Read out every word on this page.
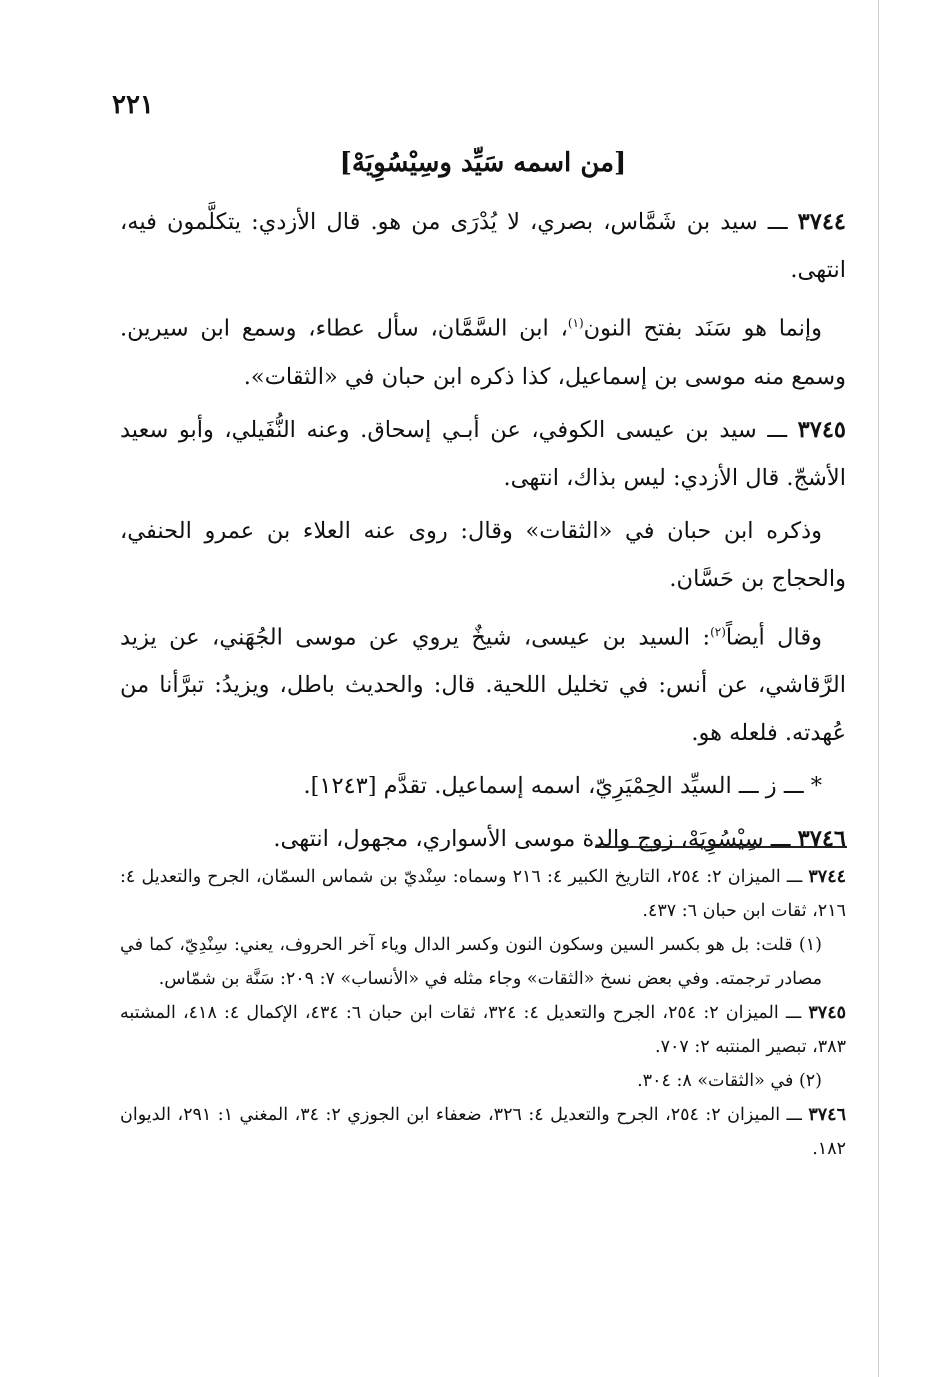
٢٢١
[من اسمه سَيِّد وسِيْسُوِيَهْ]

٣٧٤٤ ـــ سيد بن شَمَّاس، بصري، لا يُدْرَى من هو. قال الأزدي: يتكلَّمون فيه، انتهى.

وإنما هو سَنَد بفتح النون$^{(١)}$، ابن السَّمَّان، سأل عطاء، وسمع ابن سيرين. وسمع منه موسى بن إسماعيل، كذا ذكره ابن حبان في «الثقات».

٣٧٤٥ ـــ سيد بن عيسى الكوفي، عن أبـي إسحاق. وعنه النُّفَيلي، وأبو سعيد الأشجّ. قال الأزدي: ليس بذاك، انتهى.

وذكره ابن حبان في «الثقات» وقال: روى عنه العلاء بن عمرو الحنفي، والحجاج بن حَسَّان.

وقال أيضاً$^{(٢)}$: السيد بن عيسى، شيخٌ يروي عن موسى الجُهَني، عن يزيد الرَّقاشي، عن أنس: في تخليل اللحية. قال: والحديث باطل، ويزيدُ: تبرَّأنا من عُهدته. فلعله هو.

* ـــ ز ـــ السيِّد الحِمْيَرِيّ، اسمه إسماعيل. تقدَّم [١٢٤٣].

٣٧٤٦ ـــ سِيْسُوِيَهْ، زوج والدة موسى الأسواري، مجهول، انتهى.

٣٧٤٤ ـــ الميزان ٢: ٢٥٤، التاريخ الكبير ٤: ٢١٦ وسماه: سِنْديّ بن شماس السمّان، الجرح والتعديل ٤: ٢١٦، ثقات ابن حبان ٦: ٤٣٧.

(١) قلت: بل هو بكسر السين وسكون النون وكسر الدال وياء آخر الحروف، يعني: سِنْدِيّ، كما في مصادر ترجمته. وفي بعض نسخ «الثقات» وجاء مثله في «الأنساب» ٧: ٢٠٩: سَنَّة بن شمّاس.

٣٧٤٥ ـــ الميزان ٢: ٢٥٤، الجرح والتعديل ٤: ٣٢٤، ثقات ابن حبان ٦: ٤٣٤، الإكمال ٤: ٤١٨، المشتبه ٣٨٣، تبصير المنتبه ٢: ٧٠٧.

(٢) في «الثقات» ٨: ٣٠٤.

٣٧٤٦ ـــ الميزان ٢: ٢٥٤، الجرح والتعديل ٤: ٣٢٦، ضعفاء ابن الجوزي ٢: ٣٤، المغني ١: ٢٩١، الديوان ١٨٢.
